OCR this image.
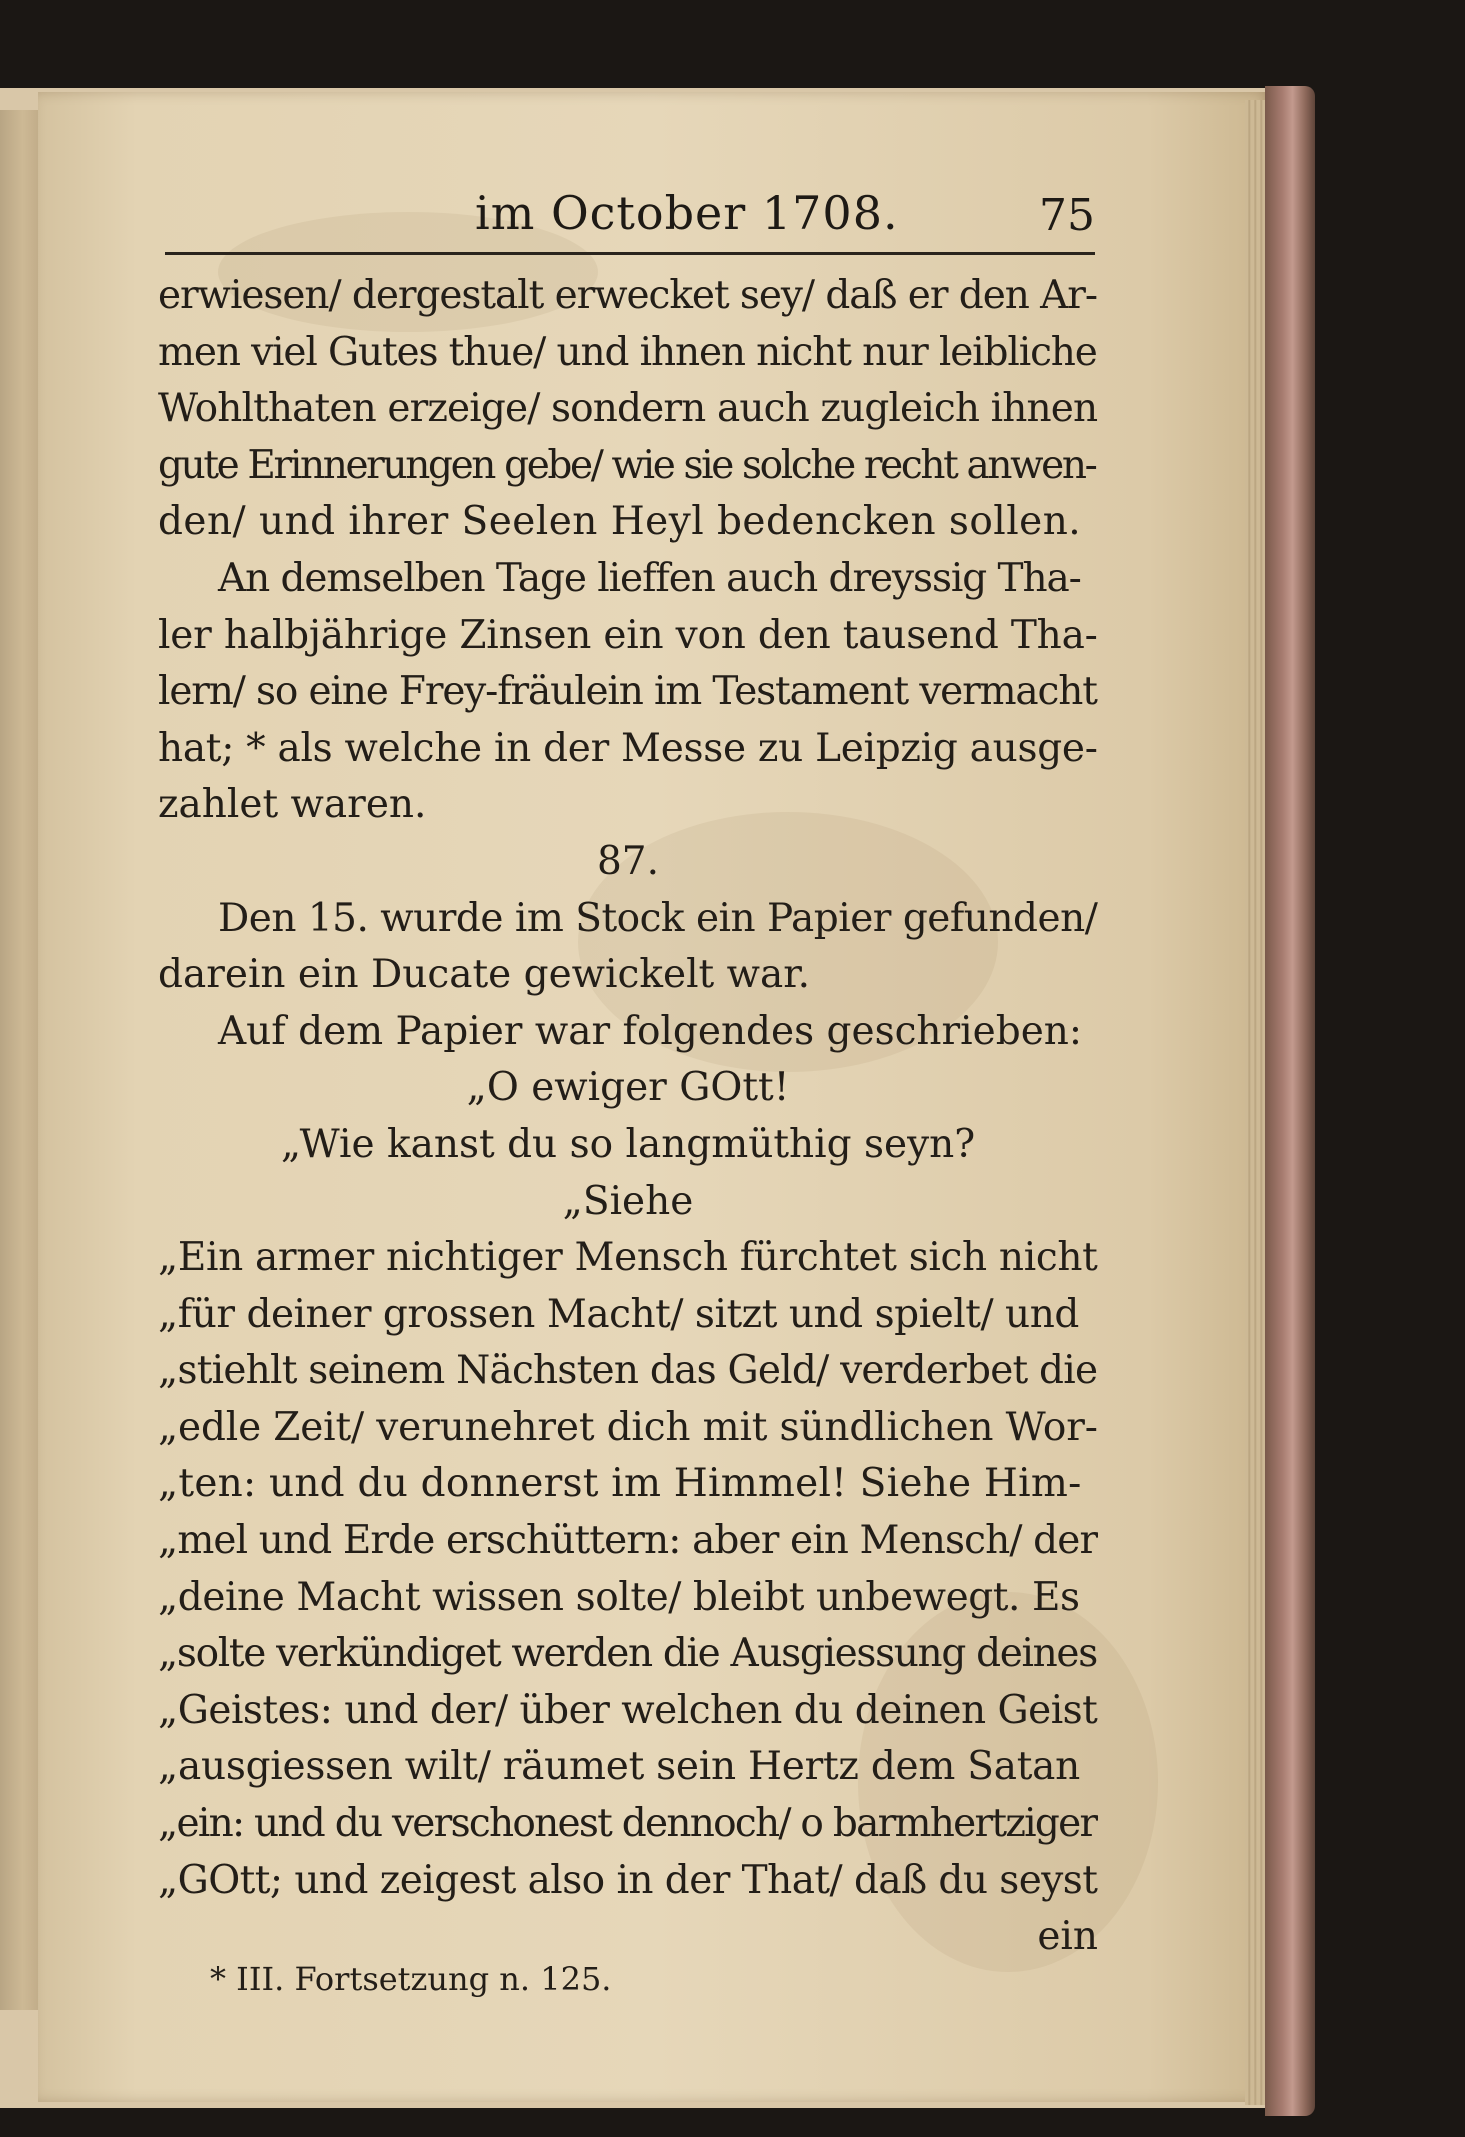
im October 1708.	75
erwiesen/ dergestalt erwecket sey/ daß er den Ar-
men viel Gutes thue/ und ihnen nicht nur leibliche
Wohlthaten erzeige/ sondern auch zugleich ihnen
gute Erinnerungen gebe/ wie sie solche recht anwen-
den/ und ihrer Seelen Heyl bedencken sollen.
An demselben Tage lieffen auch dreyssig Tha-
ler halbjährige Zinsen ein von den tausend Tha-
lern/ so eine Frey-fräulein im Testament vermacht
hat; * als welche in der Messe zu Leipzig ausge-
zahlet waren.
87.
Den 15. wurde im Stock ein Papier gefunden/
darein ein Ducate gewickelt war.
Auf dem Papier war folgendes geschrieben:
„O ewiger GOtt!
„Wie kanst du so langmüthig seyn?
„Siehe
„Ein armer nichtiger Mensch fürchtet sich nicht
„für deiner grossen Macht/ sitzt und spielt/ und
„stiehlt seinem Nächsten das Geld/ verderbet die
„edle Zeit/ verunehret dich mit sündlichen Wor-
„ten: und du donnerst im Himmel! Siehe Him-
„mel und Erde erschüttern: aber ein Mensch/ der
„deine Macht wissen solte/ bleibt unbewegt. Es
„solte verkündiget werden die Ausgiessung deines
„Geistes: und der/ über welchen du deinen Geist
„ausgiessen wilt/ räumet sein Hertz dem Satan
„ein: und du verschonest dennoch/ o barmhertziger
„GOtt; und zeigest also in der That/ daß du seyst
ein
* III. Fortsetzung n. 125.
